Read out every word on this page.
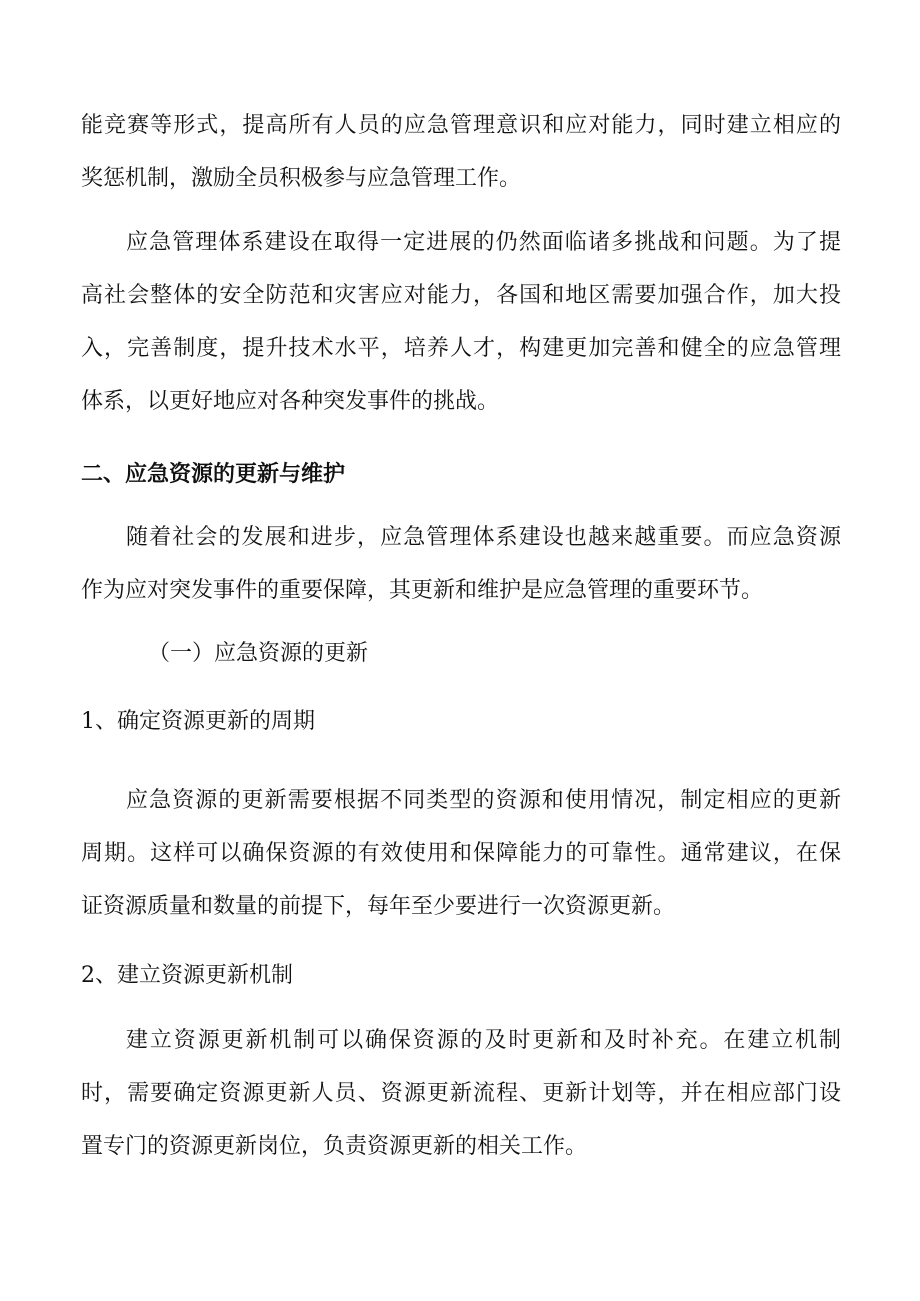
能竞赛等形式，提高所有人员的应急管理意识和应对能力，同时建立相应的
奖惩机制，激励全员积极参与应急管理工作。
应急管理体系建设在取得一定进展的仍然面临诸多挑战和问题。为了提
高社会整体的安全防范和灾害应对能力，各国和地区需要加强合作，加大投
入，完善制度，提升技术水平，培养人才，构建更加完善和健全的应急管理
体系，以更好地应对各种突发事件的挑战。
二、应急资源的更新与维护
随着社会的发展和进步，应急管理体系建设也越来越重要。而应急资源
作为应对突发事件的重要保障，其更新和维护是应急管理的重要环节。
（一）应急资源的更新
1、确定资源更新的周期
应急资源的更新需要根据不同类型的资源和使用情况，制定相应的更新
周期。这样可以确保资源的有效使用和保障能力的可靠性。通常建议，在保
证资源质量和数量的前提下，每年至少要进行一次资源更新。
2、建立资源更新机制
建立资源更新机制可以确保资源的及时更新和及时补充。在建立机制
时，需要确定资源更新人员、资源更新流程、更新计划等，并在相应部门设
置专门的资源更新岗位，负责资源更新的相关工作。
